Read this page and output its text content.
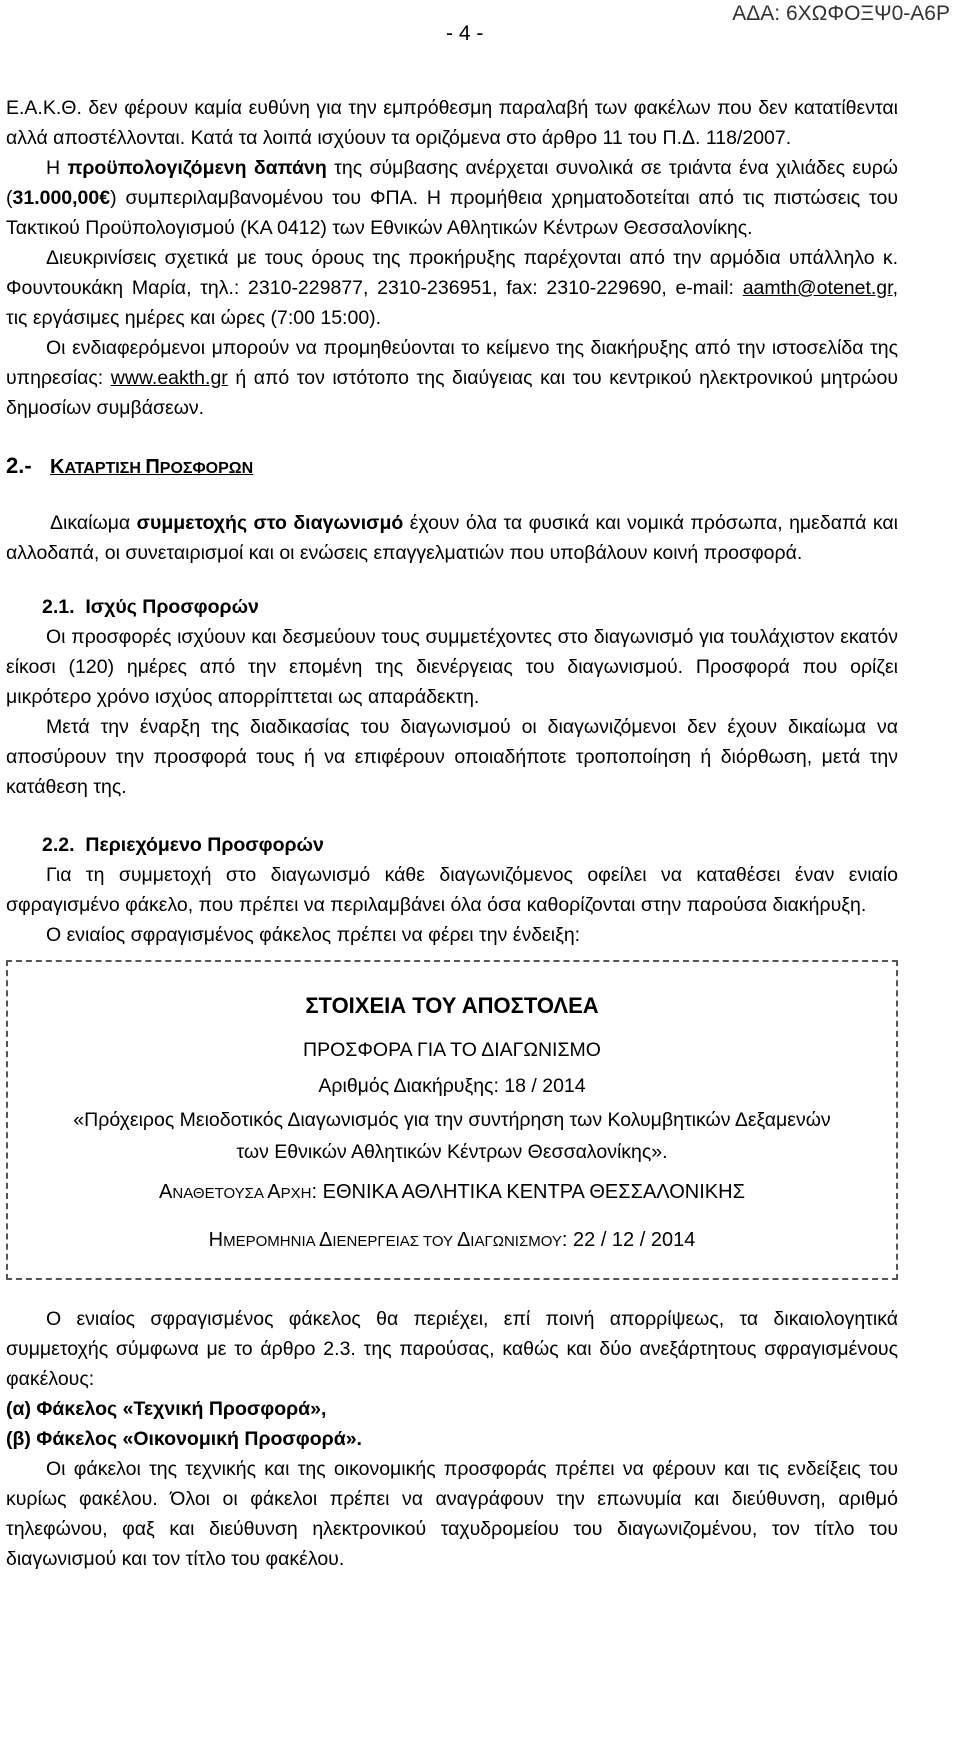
- 4 -
ΑΔΑ: 6ΧΩΦΟΞΨ0-Α6Ρ

Ε.Α.Κ.Θ. δεν φέρουν καμία ευθύνη για την εμπρόθεσμη παραλαβή των φακέλων που δεν κατατίθενται αλλά αποστέλλονται. Κατά τα λοιπά ισχύουν τα οριζόμενα στο άρθρο 11 του Π.Δ. 118/2007.

Η προϋπολογιζόμενη δαπάνη της σύμβασης ανέρχεται συνολικά σε τριάντα ένα χιλιάδες ευρώ (31.000,00€) συμπεριλαμβανομένου του ΦΠΑ. Η προμήθεια χρηματοδοτείται από τις πιστώσεις του Τακτικού Προϋπολογισμού (ΚΑ 0412) των Εθνικών Αθλητικών Κέντρων Θεσσαλονίκης.

Διευκρινίσεις σχετικά με τους όρους της προκήρυξης παρέχονται από την αρμόδια υπάλληλο κ. Φουντουκάκη Μαρία, τηλ.: 2310-229877, 2310-236951, fax: 2310-229690, e-mail: aamth@otenet.gr, τις εργάσιμες ημέρες και ώρες (7:00 15:00).

Οι ενδιαφερόμενοι μπορούν να προμηθεύονται το κείμενο της διακήρυξης από την ιστοσελίδα της υπηρεσίας: www.eakth.gr ή από τον ιστότοπο της διαύγειας και του κεντρικού ηλεκτρονικού μητρώου δημοσίων συμβάσεων.

2.- ΚΑΤΑΡΤΙΣΗ ΠΡΟΣΦΟΡΩΝ

Δικαίωμα συμμετοχής στο διαγωνισμό έχουν όλα τα φυσικά και νομικά πρόσωπα, ημεδαπά και αλλοδαπά, οι συνεταιρισμοί και οι ενώσεις επαγγελματιών που υποβάλουν κοινή προσφορά.

2.1. Ισχύς Προσφορών

Οι προσφορές ισχύουν και δεσμεύουν τους συμμετέχοντες στο διαγωνισμό για τουλάχιστον εκατόν είκοσι (120) ημέρες από την επομένη της διενέργειας του διαγωνισμού. Προσφορά που ορίζει μικρότερο χρόνο ισχύος απορρίπτεται ως απαράδεκτη.

Μετά την έναρξη της διαδικασίας του διαγωνισμού οι διαγωνιζόμενοι δεν έχουν δικαίωμα να αποσύρουν την προσφορά τους ή να επιφέρουν οποιαδήποτε τροποποίηση ή διόρθωση, μετά την κατάθεση της.

2.2. Περιεχόμενο Προσφορών

Για τη συμμετοχή στο διαγωνισμό κάθε διαγωνιζόμενος οφείλει να καταθέσει έναν ενιαίο σφραγισμένο φάκελο, που πρέπει να περιλαμβάνει όλα όσα καθορίζονται στην παρούσα διακήρυξη.

Ο ενιαίος σφραγισμένος φάκελος πρέπει να φέρει την ένδειξη:

ΣΤΟΙΧΕΙΑ ΤΟΥ ΑΠΟΣΤΟΛΕΑ
ΠΡΟΣΦΟΡΑ ΓΙΑ ΤΟ ΔΙΑΓΩΝΙΣΜΟ
Αριθμός Διακήρυξης: 18 / 2014
«Πρόχειρος Μειοδοτικός Διαγωνισμός για την συντήρηση των Κολυμβητικών Δεξαμενών των Εθνικών Αθλητικών Κέντρων Θεσσαλονίκης».
ΑΝΑΘΕΤΟΥΣΑ ΑΡΧΗ: ΕΘΝΙΚΑ ΑΘΛΗΤΙΚΑ ΚΕΝΤΡΑ ΘΕΣΣΑΛΟΝΙΚΗΣ
ΗΜΕΡΟΜΗΝΙΑ ΔΙΕΝΕΡΓΕΙΑΣ ΤΟΥ ΔΙΑΓΩΝΙΣΜΟΥ: 22 / 12 / 2014

Ο ενιαίος σφραγισμένος φάκελος θα περιέχει, επί ποινή απορρίψεως, τα δικαιολογητικά συμμετοχής σύμφωνα με το άρθρο 2.3. της παρούσας, καθώς και δύο ανεξάρτητους σφραγισμένους φακέλους:

(α) Φάκελος «Τεχνική Προσφορά»,

(β) Φάκελος «Οικονομική Προσφορά».

Οι φάκελοι της τεχνικής και της οικονομικής προσφοράς πρέπει να φέρουν και τις ενδείξεις του κυρίως φακέλου. Όλοι οι φάκελοι πρέπει να αναγράφουν την επωνυμία και διεύθυνση, αριθμό τηλεφώνου, φαξ και διεύθυνση ηλεκτρονικού ταχυδρομείου του διαγωνιζομένου, τον τίτλο του διαγωνισμού και τον τίτλο του φακέλου.
